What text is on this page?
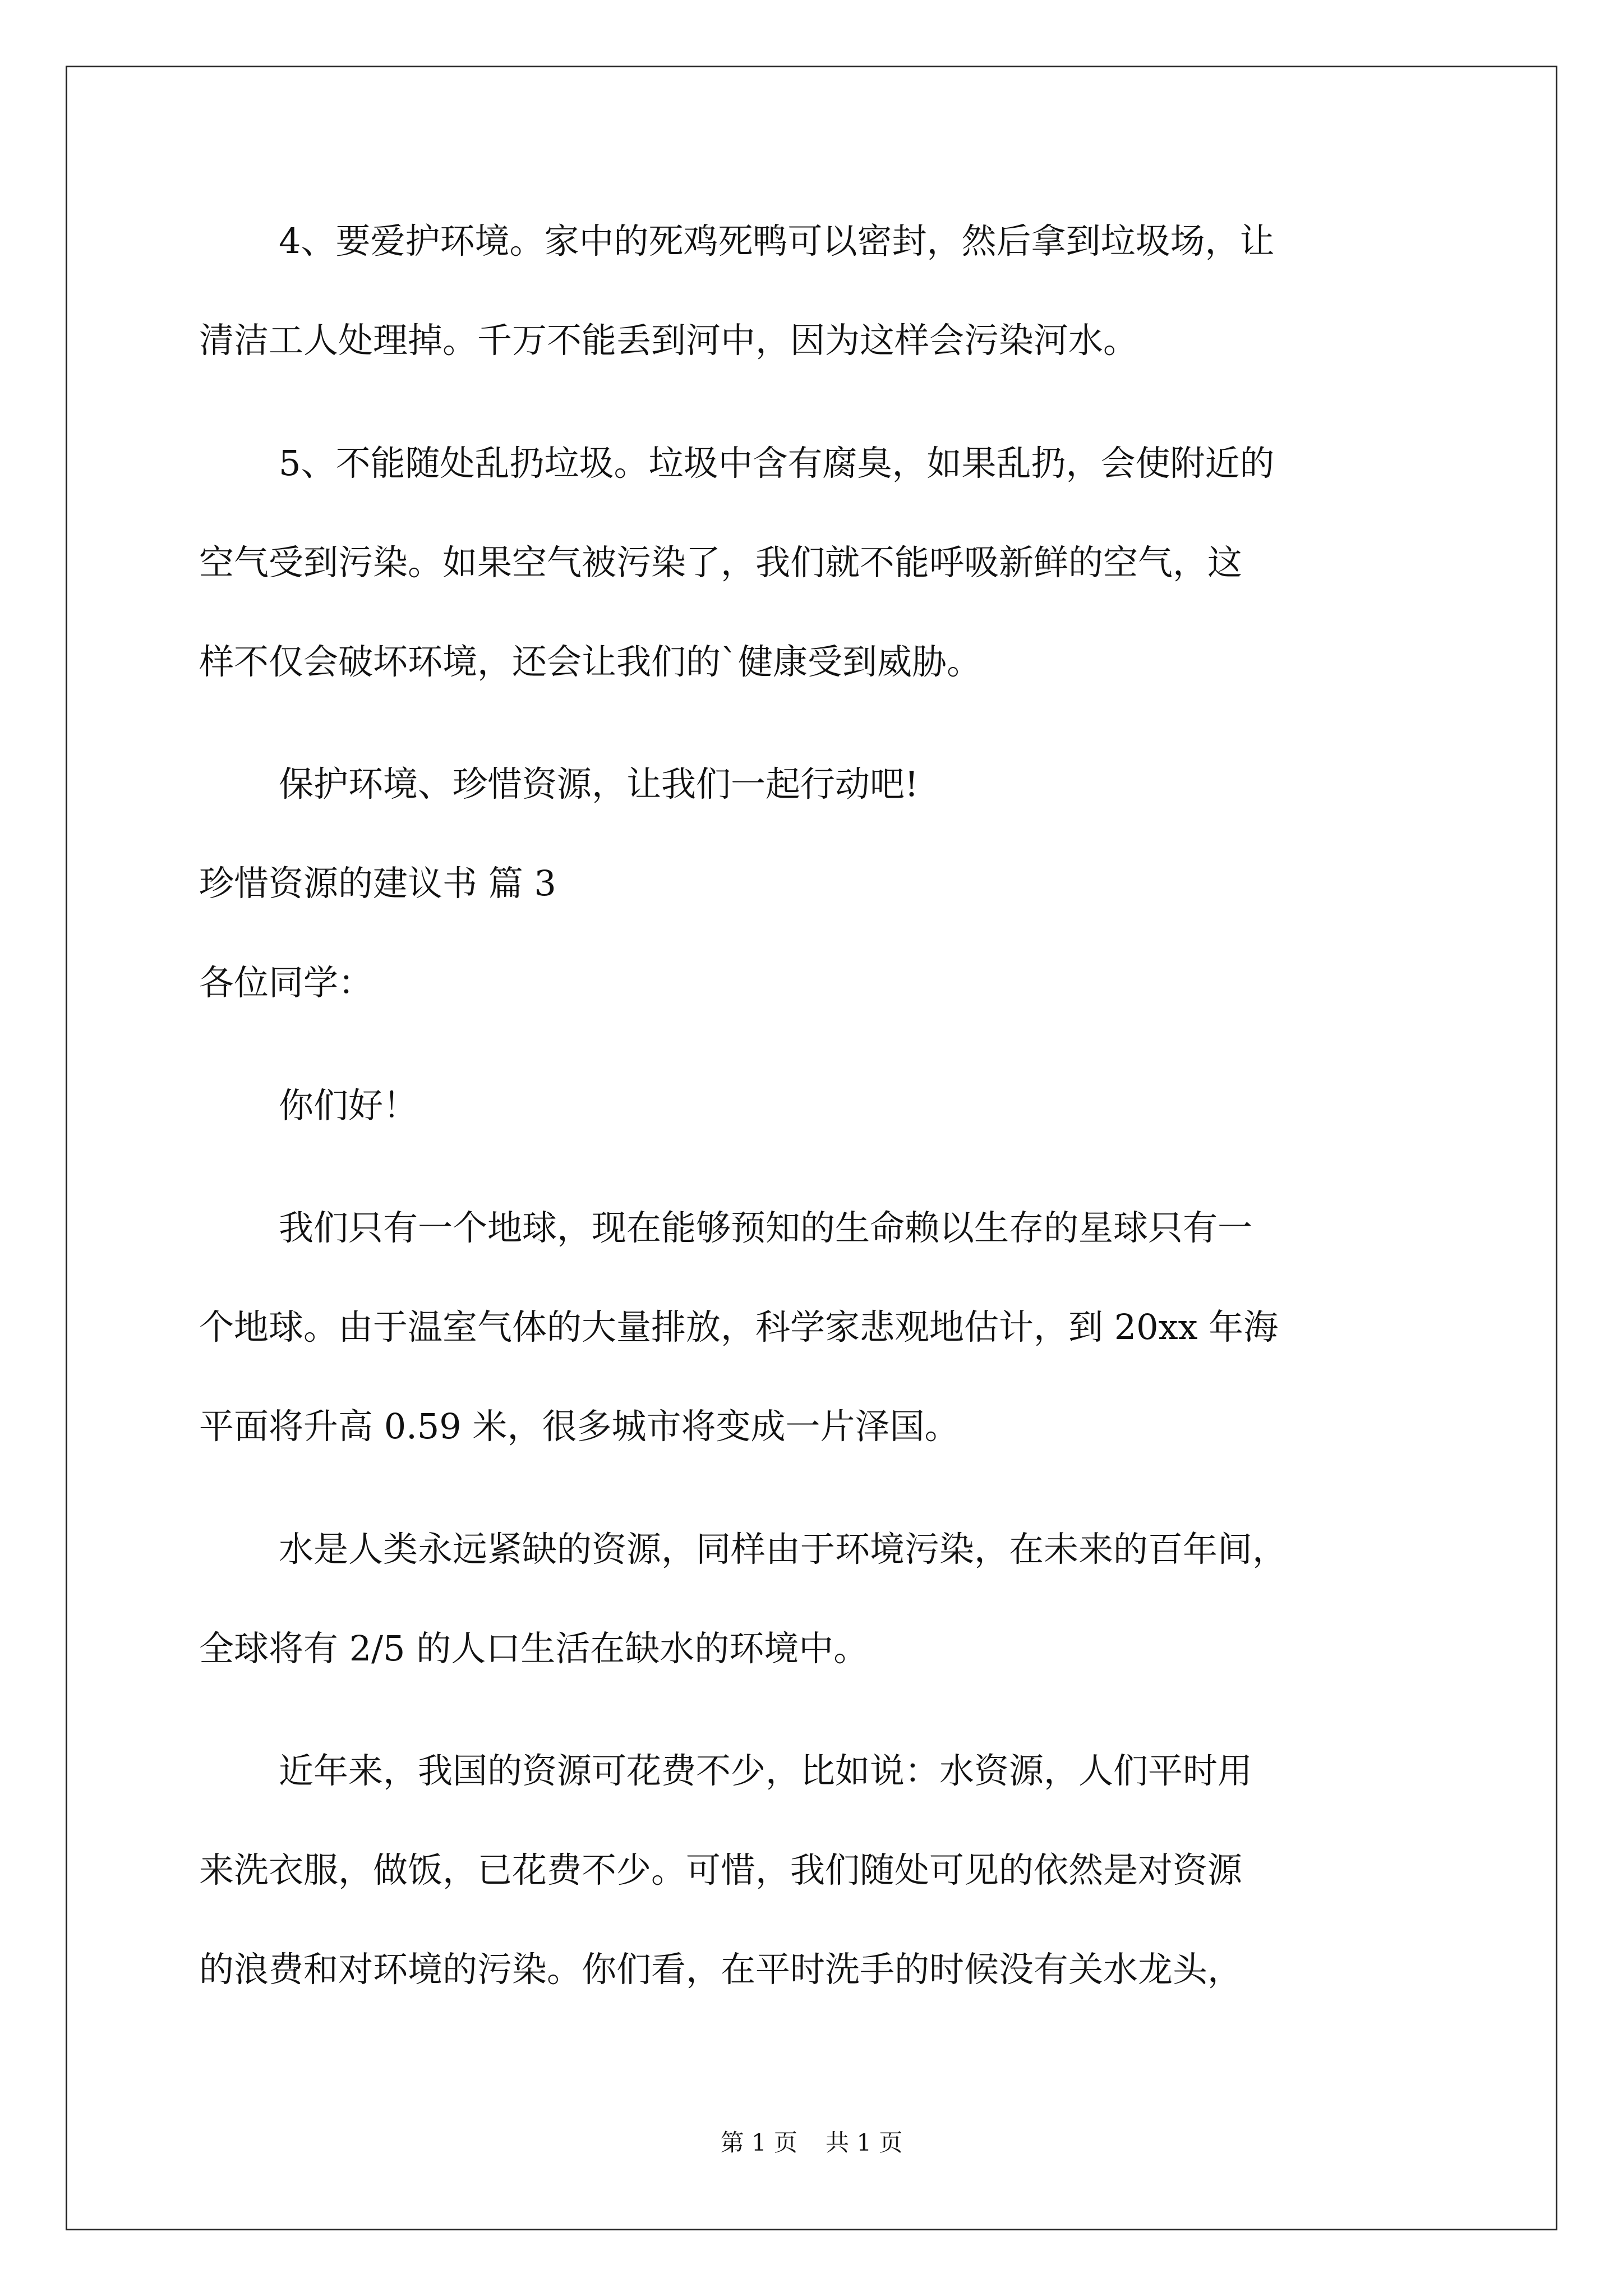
4、要爱护环境。家中的死鸡死鸭可以密封，然后拿到垃圾场，让

清洁工人处理掉。千万不能丢到河中，因为这样会污染河水。

5、不能随处乱扔垃圾。垃圾中含有腐臭，如果乱扔，会使附近的

空气受到污染。如果空气被污染了，我们就不能呼吸新鲜的空气，这

样不仅会破坏环境，还会让我们的`健康受到威胁。

保护环境、珍惜资源，让我们一起行动吧!

珍惜资源的建议书 篇 3

各位同学：

你们好！

我们只有一个地球，现在能够预知的生命赖以生存的星球只有一

个地球。由于温室气体的大量排放，科学家悲观地估计，到 20xx 年海

平面将升高 0.59 米，很多城市将变成一片泽国。

水是人类永远紧缺的资源，同样由于环境污染，在未来的百年间，

全球将有 2/5 的人口生活在缺水的环境中。

近年来，我国的资源可花费不少，比如说：水资源，人们平时用

来洗衣服，做饭，已花费不少。可惜，我们随处可见的依然是对资源

的浪费和对环境的污染。你们看，在平时洗手的时候没有关水龙头，

第 1 页 共 1 页
